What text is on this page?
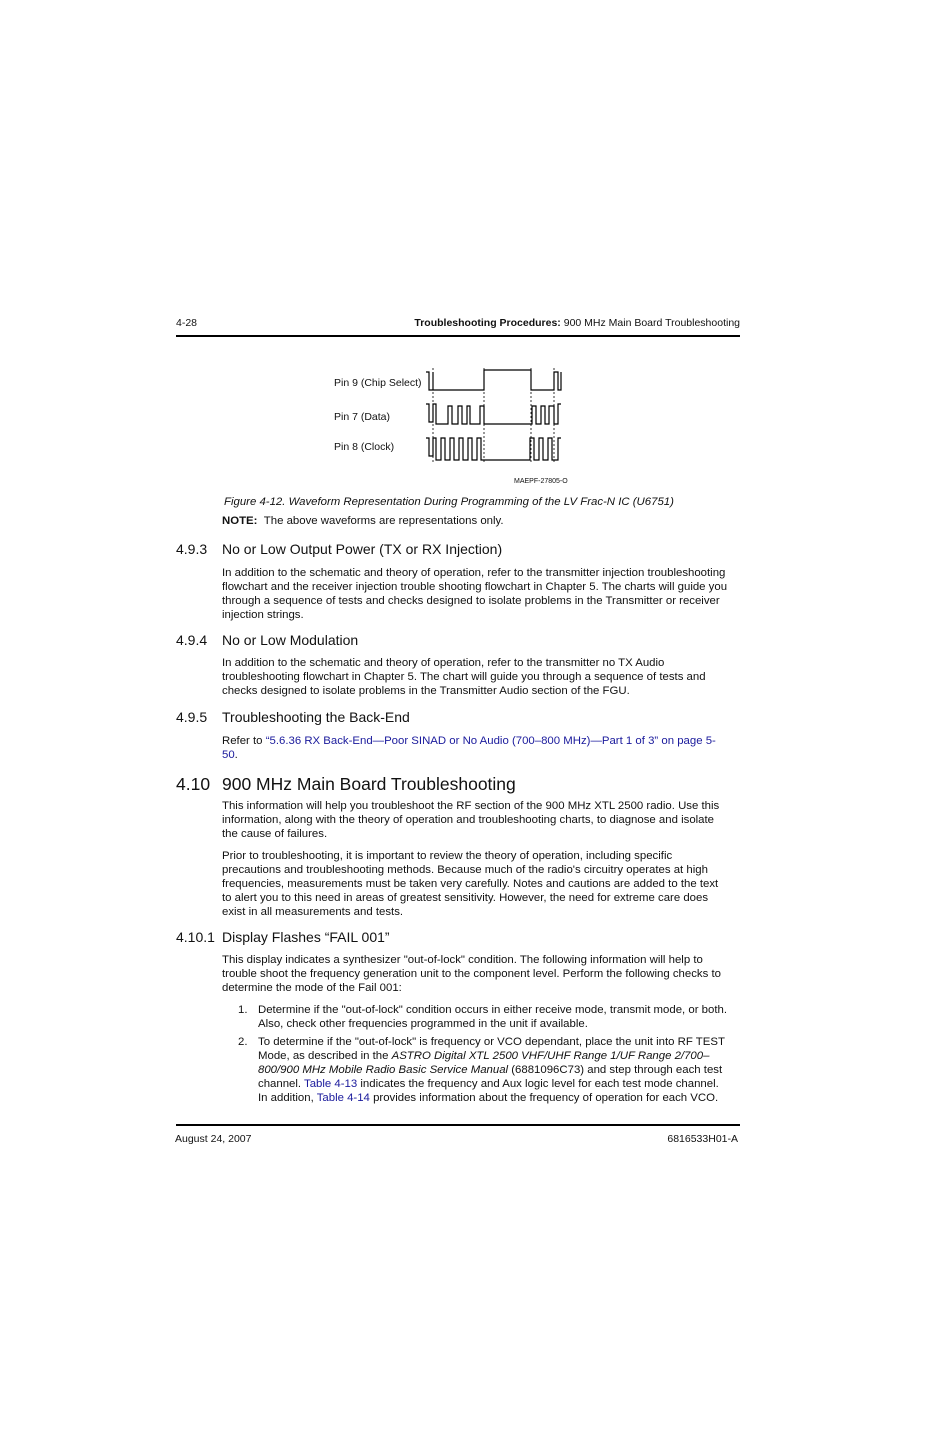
4-28	Troubleshooting Procedures: 900 MHz Main Board Troubleshooting
Pin 9 (Chip Select)
Pin 7 (Data)
Pin 8 (Clock)
MAEPF-27805-O
Figure 4-12. Waveform Representation During Programming of the LV Frac-N IC (U6751)
NOTE: The above waveforms are representations only.
4.9.3 No or Low Output Power (TX or RX Injection)
In addition to the schematic and theory of operation, refer to the transmitter injection troubleshooting
flowchart and the receiver injection trouble shooting flowchart in Chapter 5. The charts will guide you
through a sequence of tests and checks designed to isolate problems in the Transmitter or receiver
injection strings.
4.9.4 No or Low Modulation
In addition to the schematic and theory of operation, refer to the transmitter no TX Audio
troubleshooting flowchart in Chapter 5. The chart will guide you through a sequence of tests and
checks designed to isolate problems in the Transmitter Audio section of the FGU.
4.9.5 Troubleshooting the Back-End
Refer to “5.6.36 RX Back-End—Poor SINAD or No Audio (700–800 MHz)—Part 1 of 3” on page 5-
50.
4.10 900 MHz Main Board Troubleshooting
This information will help you troubleshoot the RF section of the 900 MHz XTL 2500 radio. Use this
information, along with the theory of operation and troubleshooting charts, to diagnose and isolate
the cause of failures.
Prior to troubleshooting, it is important to review the theory of operation, including specific
precautions and troubleshooting methods. Because much of the radio's circuitry operates at high
frequencies, measurements must be taken very carefully. Notes and cautions are added to the text
to alert you to this need in areas of greatest sensitivity. However, the need for extreme care does
exist in all measurements and tests.
4.10.1 Display Flashes “FAIL 001”
This display indicates a synthesizer "out-of-lock" condition. The following information will help to
trouble shoot the frequency generation unit to the component level. Perform the following checks to
determine the mode of the Fail 001:
1. Determine if the "out-of-lock" condition occurs in either receive mode, transmit mode, or both.
Also, check other frequencies programmed in the unit if available.
2. To determine if the "out-of-lock" is frequency or VCO dependant, place the unit into RF TEST
Mode, as described in the ASTRO Digital XTL 2500 VHF/UHF Range 1/UF Range 2/700–
800/900 MHz Mobile Radio Basic Service Manual (6881096C73) and step through each test
channel. Table 4-13 indicates the frequency and Aux logic level for each test mode channel.
In addition, Table 4-14 provides information about the frequency of operation for each VCO.
August 24, 2007	6816533H01-A
